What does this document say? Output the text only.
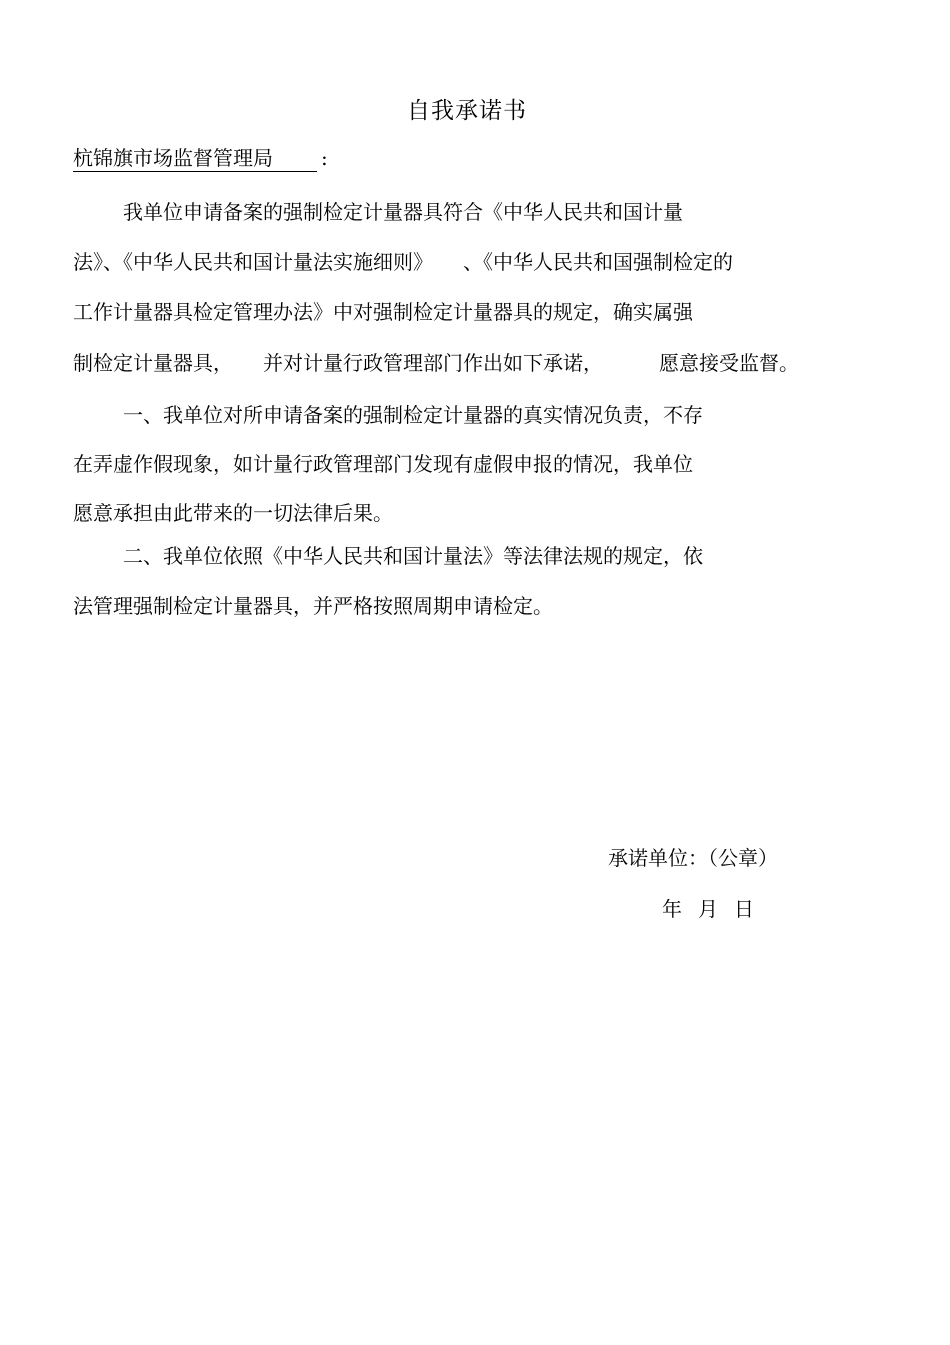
自我承诺书
杭锦旗市场监督管理局 :
我单位申请备案的强制检定计量器具符合《中华人民共和国计量
法》、《中华人民共和国计量法实施细则》 、《中华人民共和国强制检定的
工作计量器具检定管理办法》中对强制检定计量器具的规定，确实属强
制检定计量器具， 并对计量行政管理部门作出如下承诺，	愿意接受监督。
一、我单位对所申请备案的强制检定计量器的真实情况负责，不存
在弄虚作假现象，如计量行政管理部门发现有虚假申报的情况，我单位
愿意承担由此带来的一切法律后果。
二、我单位依照《中华人民共和国计量法》等法律法规的规定，依
法管理强制检定计量器具，并严格按照周期申请检定。
承诺单位：（公章）
年 月 日
